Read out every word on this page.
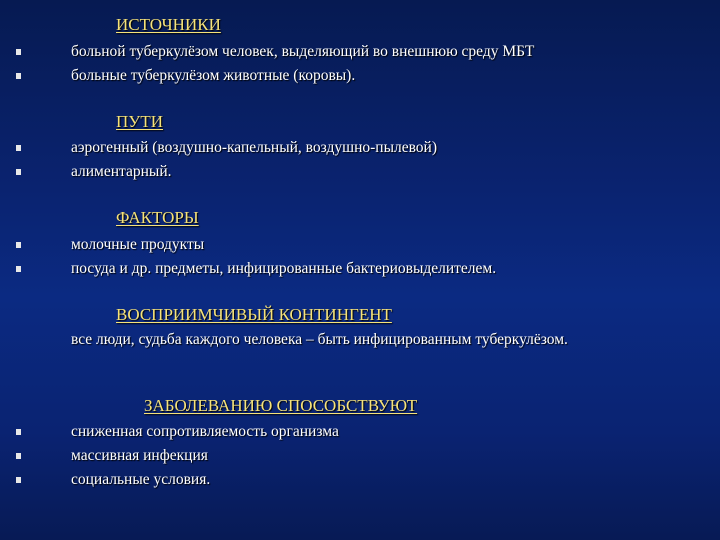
ИСТОЧНИКИ
больной туберкулёзом человек, выделяющий во внешнюю среду МБТ
больные туберкулёзом животные (коровы).
ПУТИ
аэрогенный (воздушно-капельный, воздушно-пылевой)
алиментарный.
ФАКТОРЫ
молочные продукты
посуда и др. предметы, инфицированные бактериовыделителем.
ВОСПРИИМЧИВЫЙ КОНТИНГЕНТ
все люди, судьба каждого человека – быть инфицированным туберкулёзом.
ЗАБОЛЕВАНИЮ СПОСОБСТВУЮТ
сниженная сопротивляемость организма
массивная инфекция
социальные условия.
